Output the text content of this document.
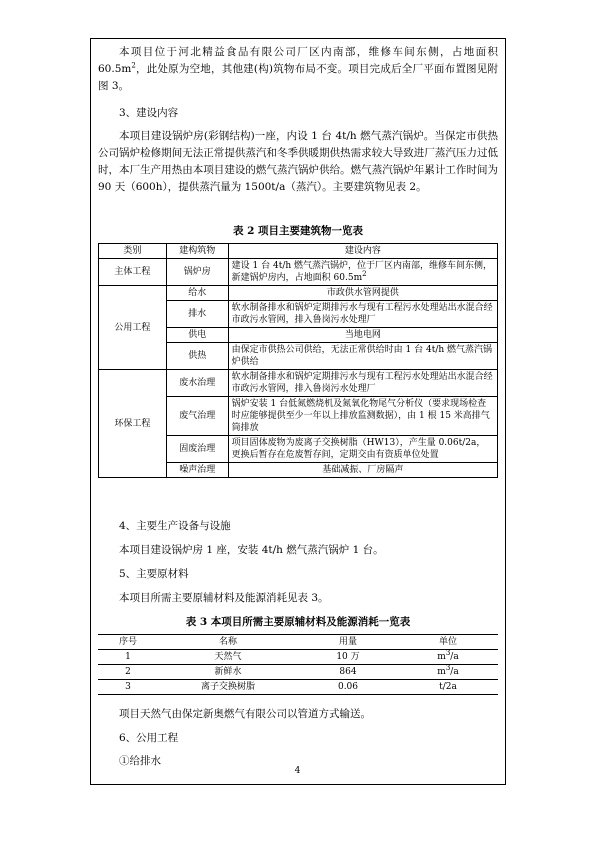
本项目位于河北精益食品有限公司厂区内南部，维修车间东侧，占地面积 $60.5m^2$，此处原为空地，其他建(构)筑物布局不变。项目完成后全厂平面布置图见附图 3。

3、建设内容

本项目建设锅炉房(彩钢结构)一座，内设 1 台 4t/h 燃气蒸汽锅炉。当保定市供热公司锅炉检修期间无法正常提供蒸汽和冬季供暖期供热需求较大导致进厂蒸汽压力过低时，本厂生产用热由本项目建设的燃气蒸汽锅炉供给。燃气蒸汽锅炉年累计工作时间为 90 天（600h），提供蒸汽量为 1500t/a（蒸汽）。主要建筑物见表 2。

表 2 项目主要建筑物一览表

类别	建构筑物	建设内容
主体工程	锅炉房	建设 1 台 4t/h 燃气蒸汽锅炉，位于厂区内南部，维修车间东侧，新建锅炉房内，占地面积 $60.5m^2$
公用工程	给水	市政供水管网提供
	排水	软水制备排水和锅炉定期排污水与现有工程污水处理站出水混合经市政污水管网，排入鲁岗污水处理厂
	供电	当地电网
	供热	由保定市供热公司供给，无法正常供给时由 1 台 4t/h 燃气蒸汽锅炉供给
环保工程	废水治理	软水制备排水和锅炉定期排污水与现有工程污水处理站出水混合经市政污水管网，排入鲁岗污水处理厂
	废气治理	锅炉安装 1 台低氮燃烧机及氮氧化物尾气分析仪（要求现场检查时应能够提供至少一年以上排放监测数据），由 1 根 15 米高排气筒排放
	固废治理	项目固体废物为废离子交换树脂（HW13），产生量 0.06t/2a，更换后暂存在危废暂存间，定期交由有资质单位处置
	噪声治理	基础减振、厂房隔声

4、主要生产设备与设施

本项目建设锅炉房 1 座，安装 4t/h 燃气蒸汽锅炉 1 台。

5、主要原材料

本项目所需主要原辅材料及能源消耗见表 3。

表 3 本项目所需主要原辅材料及能源消耗一览表

序号	名称	用量	单位
1	天然气	10 万	$m^3/a$
2	新鲜水	864	$m^3/a$
3	离子交换树脂	0.06	t/2a

项目天然气由保定新奥燃气有限公司以管道方式输送。

6、公用工程

①给排水

4
